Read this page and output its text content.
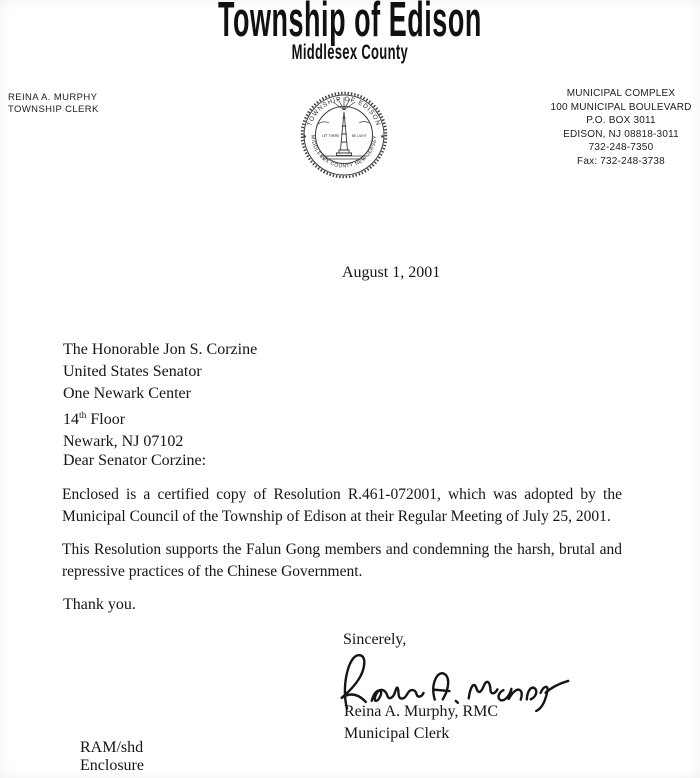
Township of Edison
Middlesex County
REINA A. MURPHY
TOWNSHIP CLERK
MUNICIPAL COMPLEX
100 MUNICIPAL BOULEVARD
P.O. BOX 3011
EDISON, NJ 08818-3011
732-248-7350
Fax: 732-248-3738
TOWNSHIP OF EDISON
MIDDLESEX COUNTY NEW JERSEY
LET THERE	BE LIGHT
★	★
August 1, 2001
The Honorable Jon S. Corzine
United States Senator
One Newark Center
14th Floor
Newark, NJ 07102
Dear Senator Corzine:
Enclosed is a certified copy of Resolution R.461-072001, which was adopted by the
Municipal Council of the Township of Edison at their Regular Meeting of July 25, 2001.
This Resolution supports the Falun Gong members and condemning the harsh, brutal and
repressive practices of the Chinese Government.
Thank you.
Sincerely,
Reina A. Murphy, RMC
Municipal Clerk
RAM/shd
Enclosure
